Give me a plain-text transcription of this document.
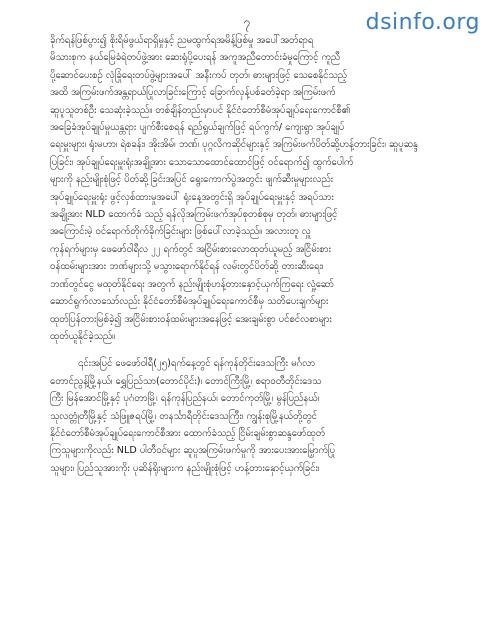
dsinfo.org
၇

ခိုက်ရန်ဖြစ်ပွား၍ စိုးရိမ်ဖွယ်ရာရှိမှုနှင့် ညမထွက်ရအမိန့်ဖြစ်မှု အပေါ်အတ်ရာရ
မိသားစုက နယ်မြေခံရဲတပ်ဖွဲ့အား ဆေးရုံပို့ပေးရန် အကူအညီတောင်းခံမှုကြောင့် ကူညီ
ပို့ဆောင်ပေးစဉ် လုံခြုံရေးတပ်ဖွဲ့များအပေါ် အနီးကပ် တုတ်၊ ဓားများဖြင့် သေစေနိုင်သည့်
အထိ အကြမ်းဖက်အန္တရာယ်ပြုလာခြင်းကြောင့် ခြောက်လှန့်ပစ်ခတ်ခဲ့ရာ အကြမ်းဖက်
ဆူပူသူတစ်ဦး သေဆုံးခဲ့သည်။ တစ်ချိန်တည်းမှာပင် နိုင်ငံတော်စီမံအုပ်ချုပ်ရေးကောင်စီ၏
အခြေခံအုပ်ချုပ်မှုယန္တရား ပျက်စီးစေရန် ရည်ရွယ်ချက်ဖြင့် ရပ်ကွက်/ ကျေးရွာ အုပ်ချုပ်
ရေးမှူးများ၊ ရုံးမဟာ၊ ရဲစခန်း၊ အိုးအိမ်၊ ဘဏ်၊ ပုဂ္ဂလိကဆိုင်များနှင့် အကြမ်းဖက်ပိတ်ဆို့ဟန့်တားခြင်း၊ ဆူပူဆန္ဒ
ပြခြင်း၊ အုပ်ချုပ်ရေးမှူးရုံးအချို့အား သောသောထောင်ထောင်ဖြင့် ဝင်ရောက်၍ ထွက်ပေါက်
များကို နည်းမျိုးစုံဖြင့် ပိတ်ဆို့ခြင်းအပြင် ရွေးကောက်ပွဲအတွင်း ဖျက်ဆီးမှုများလည်း
အုပ်ချုပ်ရေးမှူးရုံး ဖွင့်လှစ်ထားမှုအပေါ် ရုံးနေ့အတွင်းရှိ အုပ်ချုပ်ရေးမှူးနှင့် အရပ်သား
အချို့အား NLD ထောက်ခံ သည့် ရန်လိုအကြမ်းဖက်အုပ်စုတစ်စုမှ တုတ်၊ ဓားများဖြင့်
အကြောင်းမဲ့ ဝင်ရောက်တိုက်ခိုက်ခြင်းများ ဖြစ်ပေါ်လာခဲ့သည်။ အလားတူ လှူ
ကုန်ရက်များမှ ဖေဖော်ဝါရီလ ၂၂ ရက်တွင် အငြိမ်းစားလောထုတ်ယူမည့် အငြိမ်းစား
ဝန်ထမ်းများအား ဘဏ်များသို့ မသွားရောက်နိုင်ရန် လမ်းတွင်ပိတ်ဆို့ တားဆီးရေး၊
ဘဏ်တွင်ငွေ မထုတ်နိုင်ရေး အတွက် နည်းမျိုးစုံဟန့်တားနှောင့်ယှက်ကြရေး လှုံ့ဆော်
ဆောင်ရွက်လာသော်လည်း နိုင်ငံတော်စီမံအုပ်ချုပ်ရေးကောင်စီမှ သတိပေးချက်များ
ထုတ်ပြန်တားမြစ်ခဲ့၍ အငြိမ်းစားဝန်ထမ်းများအနေဖြင့် အေးချမ်းစွာ ပင်စင်လစာများ
ထုတ်ယူနိုင်ခဲ့သည်။

၎င်းအပြင် ဖေဖော်ဝါရီ(၂၅)ရက်နေ့တွင် ရန်ကုန်တိုင်းဒေသကြီး မင်္ဂလာ
တောင်ညွန့်မြို့နယ်၊ ရွှေပြည်သာ(တောင်ပိုင်း)၊ တောင်ကြီးမြို့၊ စရာဝတီတိုင်းဒေသ
ကြီး မြန်အောင်မြို့နှင့် ပုဂံတာမြို့၊ ရန်ကုန်ပြည်နယ်၊ တောင်ကုတ်မြို့၊ မွန်ပြည်နယ်၊
သုလတ္တုံတီမြို့နှင့် သံဖြူဇရပ်မြို့၊ တနင်္သာရီတိုင်းဒေသကြီး၊ ကျွန်းစုမြို့နယ်တို့တွင်
နိုင်ငံတော်စီမံအုပ်ချုပ်ရေးကောင်စီအား ထောက်ခံသည့် ငြိမ်းချမ်းစွာဆန္ဒဖော်ထုတ်
ကြသူများကိုလည်း NLD ပါတီဝင်များ ဆူပူအကြမ်းဖက်မှုကို အားပေးအားမြှောက်ပြု
သူများ၊ ပြည်သူအားကိုး ပုဆိန်ရိုးများက နည်းမျိုးစုံဖြင့် ဟန့်တားနှောင့်ယှက်ခြင်း၊
